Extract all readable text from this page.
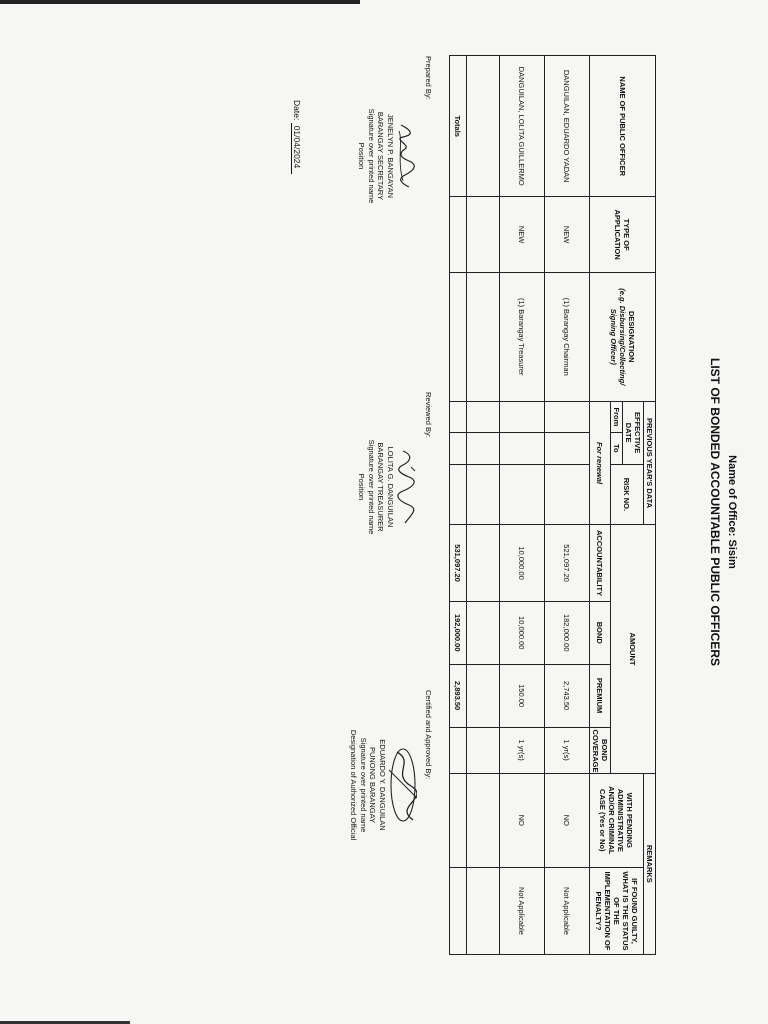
Name of Office: Sisim
LIST OF BONDED ACCOUNTABLE PUBLIC OFFICERS
NAME OF PUBLIC OFFICER	TYPE OF APPLICATION	DESIGNATION
(e.g. Disbursing/Collecting/ Signing Officer)	PREVIOUS YEAR'S DATA			AMOUNT				REMARKS	
			EFFECTIVE DATE		RISK NO.					WITH PENDING ADMINISTRATIVE AND/OR CRIMINAL CASE (Yes or No)	IF FOUND GUILTY, WHAT IS THE STATUS OF THE IMPLEMENTATION OF PENALTY?
			From	To							
			For renewal			ACCOUNTABILITY	BOND	PREMIUM	BOND COVERAGE		
DANGUILAN, EDUARDO YADAN	NEW	(1) Barangay Chairman				521,097.20	182,000.00	2,743.50	1 yr(s)	NO	Not Applicable
DANGUILAN, LOLITA GUILLERMO	NEW	(1) Barangay Treasurer				10,000.00	10,000.00	150.00	1 yr(s)	NO	Not Applicable

Totals						531,097.20	192,000.00	2,893.50			
Prepared By:
JENELYN P. BANGAYAN
BARANGAY SECRETARY
Signature over printed name
Position
Reviewed By:
LOLITA G. DANGUILAN
BARANGAY TREASURER
Signature over printed name
Position
Certified and Approved By:
EDUARDO Y. DANGUILAN
PUNONG BARANGAY
Signature over printed name
Designation of Authorized Official
Date: 01/04/2024
